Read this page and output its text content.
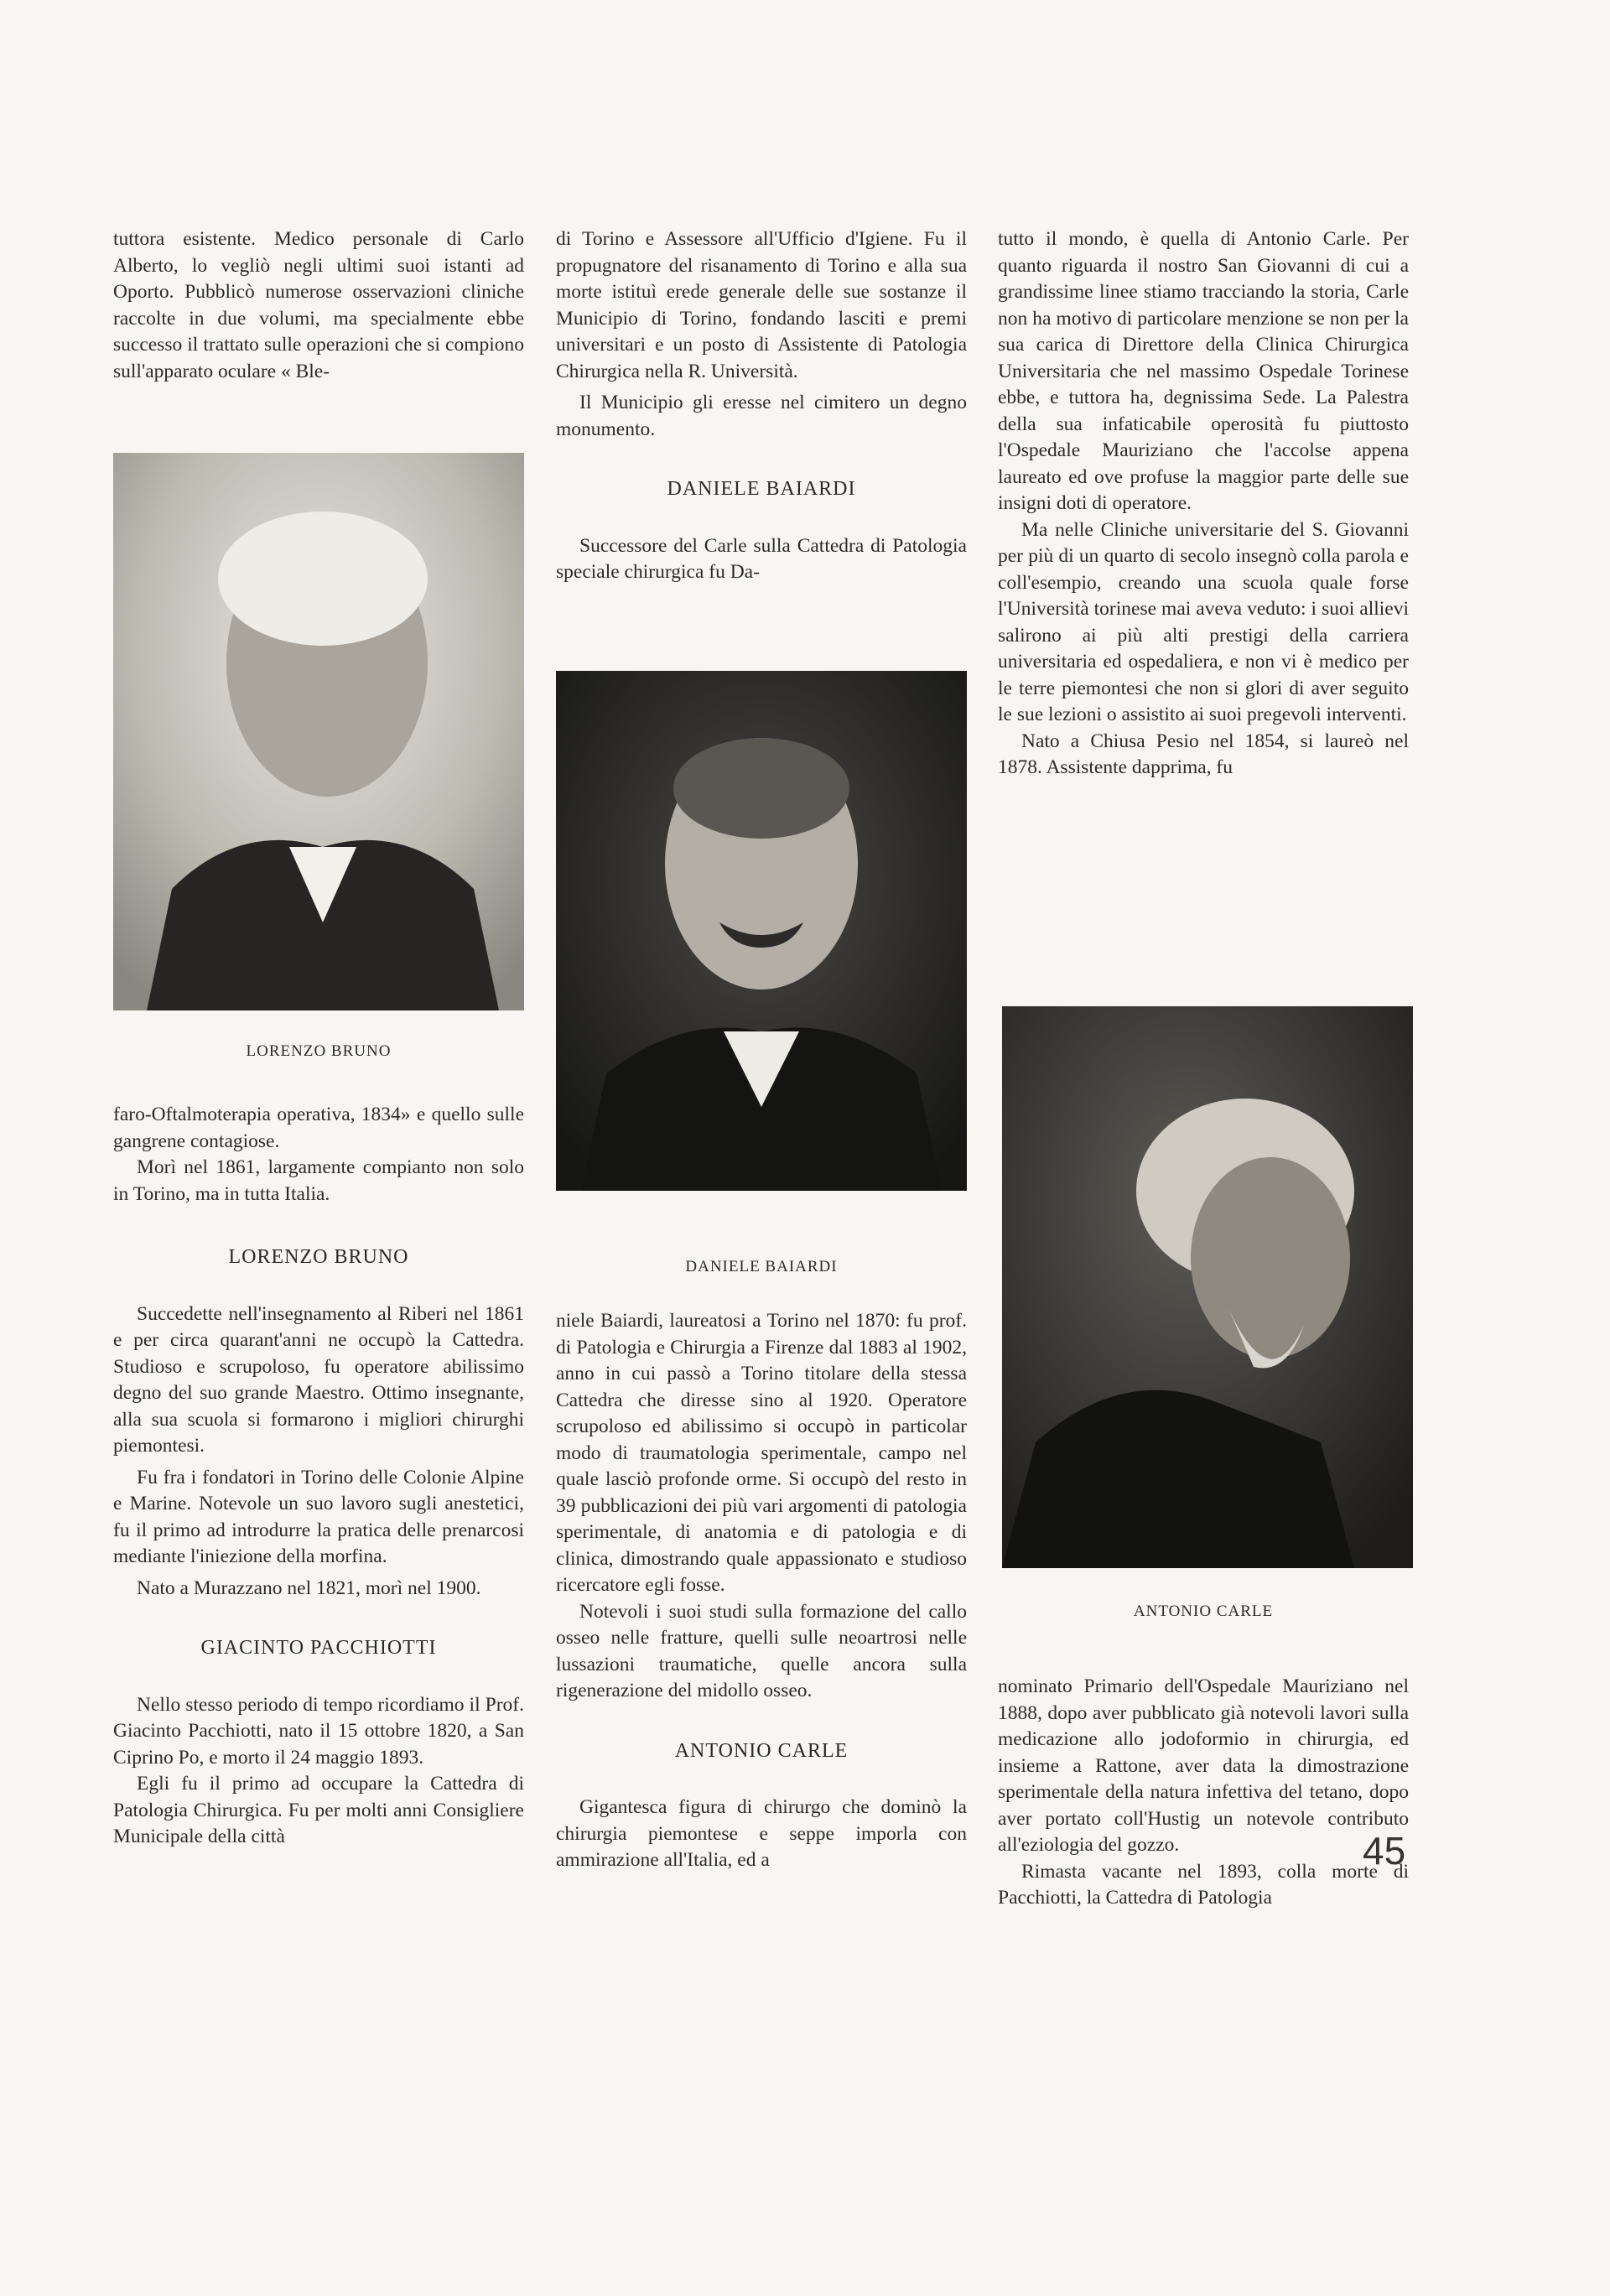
tuttora esistente. Medico personale di Carlo Alberto, lo vegliò negli ultimi suoi istanti ad Oporto. Pubblicò numerose osservazioni cliniche raccolte in due volumi, ma specialmente ebbe successo il trattato sulle operazioni che si compiono sull'apparato oculare « Ble-

LORENZO BRUNO

faro-Oftalmoterapia operativa, 1834» e quello sulle gangrene contagiose.

Morì nel 1861, largamente compianto non solo in Torino, ma in tutta Italia.

LORENZO BRUNO

Succedette nell'insegnamento al Riberi nel 1861 e per circa quarant'anni ne occupò la Cattedra. Studioso e scrupoloso, fu operatore abilissimo degno del suo grande Maestro. Ottimo insegnante, alla sua scuola si formarono i migliori chirurghi piemontesi.

Fu fra i fondatori in Torino delle Colonie Alpine e Marine. Notevole un suo lavoro sugli anestetici, fu il primo ad introdurre la pratica delle prenarcosi mediante l'iniezione della morfina.

Nato a Murazzano nel 1821, morì nel 1900.

GIACINTO PACCHIOTTI

Nello stesso periodo di tempo ricordiamo il Prof. Giacinto Pacchiotti, nato il 15 ottobre 1820, a San Ciprino Po, e morto il 24 maggio 1893.

Egli fu il primo ad occupare la Cattedra di Patologia Chirurgica. Fu per molti anni Consigliere Municipale della città

di Torino e Assessore all'Ufficio d'Igiene. Fu il propugnatore del risanamento di Torino e alla sua morte istituì erede generale delle sue sostanze il Municipio di Torino, fondando lasciti e premi universitari e un posto di Assistente di Patologia Chirurgica nella R. Università.

Il Municipio gli eresse nel cimitero un degno monumento.

DANIELE BAIARDI

Successore del Carle sulla Cattedra di Patologia speciale chirurgica fu Da-

DANIELE BAIARDI

niele Baiardi, laureatosi a Torino nel 1870: fu prof. di Patologia e Chirurgia a Firenze dal 1883 al 1902, anno in cui passò a Torino titolare della stessa Cattedra che diresse sino al 1920. Operatore scrupoloso ed abilissimo si occupò in particolar modo di traumatologia sperimentale, campo nel quale lasciò profonde orme. Si occupò del resto in 39 pubblicazioni dei più vari argomenti di patologia sperimentale, di anatomia e di patologia e di clinica, dimostrando quale appassionato e studioso ricercatore egli fosse.

Notevoli i suoi studi sulla formazione del callo osseo nelle fratture, quelli sulle neoartrosi nelle lussazioni traumatiche, quelle ancora sulla rigenerazione del midollo osseo.

ANTONIO CARLE

Gigantesca figura di chirurgo che dominò la chirurgia piemontese e seppe imporla con ammirazione all'Italia, ed a

tutto il mondo, è quella di Antonio Carle. Per quanto riguarda il nostro San Giovanni di cui a grandissime linee stiamo tracciando la storia, Carle non ha motivo di particolare menzione se non per la sua carica di Direttore della Clinica Chirurgica Universitaria che nel massimo Ospedale Torinese ebbe, e tuttora ha, degnissima Sede. La Palestra della sua infaticabile operosità fu piuttosto l'Ospedale Mauriziano che l'accolse appena laureato ed ove profuse la maggior parte delle sue insigni doti di operatore.

Ma nelle Cliniche universitarie del S. Giovanni per più di un quarto di secolo insegnò colla parola e coll'esempio, creando una scuola quale forse l'Università torinese mai aveva veduto: i suoi allievi salirono ai più alti prestigi della carriera universitaria ed ospedaliera, e non vi è medico per le terre piemontesi che non si glori di aver seguito le sue lezioni o assistito ai suoi pregevoli interventi.

Nato a Chiusa Pesio nel 1854, si laureò nel 1878. Assistente dapprima, fu

ANTONIO CARLE

nominato Primario dell'Ospedale Mauriziano nel 1888, dopo aver pubblicato già notevoli lavori sulla medicazione allo jodoformio in chirurgia, ed insieme a Rattone, aver data la dimostrazione sperimentale della natura infettiva del tetano, dopo aver portato coll'Hustig un notevole contributo all'eziologia del gozzo.

Rimasta vacante nel 1893, colla morte di Pacchiotti, la Cattedra di Patologia

45
